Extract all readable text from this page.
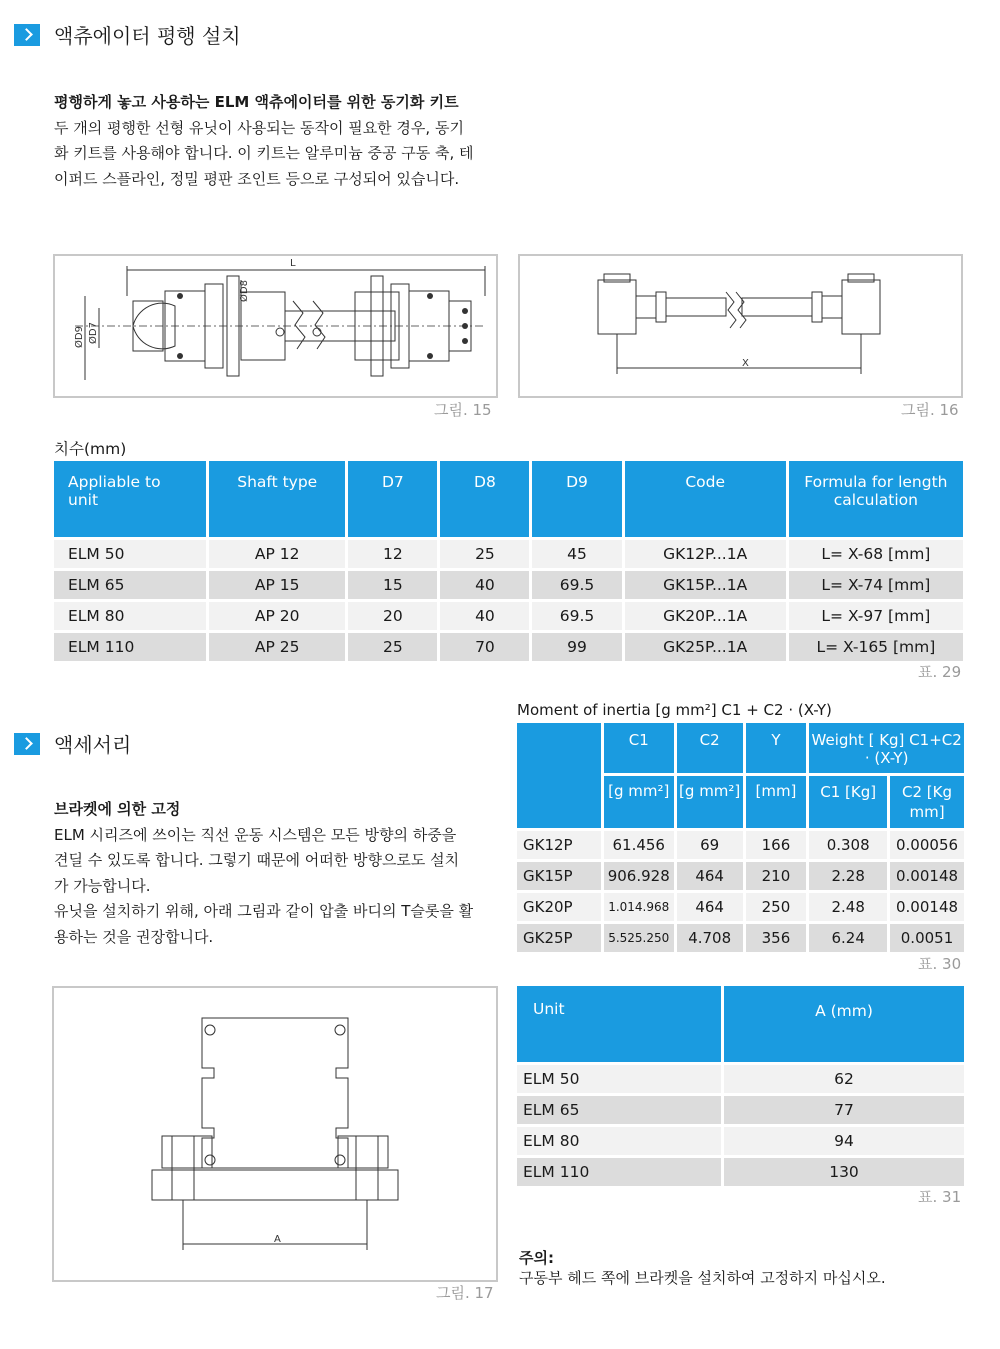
액츄에이터 평행 설치
평행하게 놓고 사용하는 ELM 액츄에이터를 위한 동기화 키트
두 개의 평행한 선형 유닛이 사용되는 동작이 필요한 경우, 동기
화 키트를 사용해야 합니다. 이 키트는 알루미늄 중공 구동 축, 테
이퍼드 스플라인, 정밀 평판 조인트 등으로 구성되어 있습니다.
L
ØD8
ØD9 ØD7
그림. 15
X
그림. 16
치수(mm)
Appliable to unit	Shaft type	D7	D8	D9	Code	Formula for length calculation
ELM 50	AP 12	12	25	45	GK12P...1A	L= X-68 [mm]
ELM 65	AP 15	15	40	69.5	GK15P...1A	L= X-74 [mm]
ELM 80	AP 20	20	40	69.5	GK20P...1A	L= X-97 [mm]
ELM 110	AP 25	25	70	99	GK25P...1A	L= X-165 [mm]
표. 29
액세서리
브라켓에 의한 고정
ELM 시리즈에 쓰이는 직선 운동 시스템은 모든 방향의 하중을
견딜 수 있도록 합니다. 그렇기 때문에 어떠한 방향으로도 설치
가 가능합니다.
유닛을 설치하기 위해, 아래 그림과 같이 압출 바디의 T슬롯을 활
용하는 것을 권장합니다.
Moment of inertia [g mm²] C1 + C2 · (X-Y)
	C1	C2	Y	Weight [ Kg] C1+C2 · (X-Y)	
	[g mm²]	[g mm²]	[mm]	C1 [Kg]	C2 [Kg mm]
GK12P	61.456	69	166	0.308	0.00056
GK15P	906.928	464	210	2.28	0.00148
GK20P	1.014.968	464	250	2.48	0.00148
GK25P	5.525.250	4.708	356	6.24	0.0051
표. 30
Unit	A (mm)
ELM 50	62
ELM 65	77
ELM 80	94
ELM 110	130
표. 31
A
그림. 17
주의:
구동부 헤드 쪽에 브라켓을 설치하여 고정하지 마십시오.
